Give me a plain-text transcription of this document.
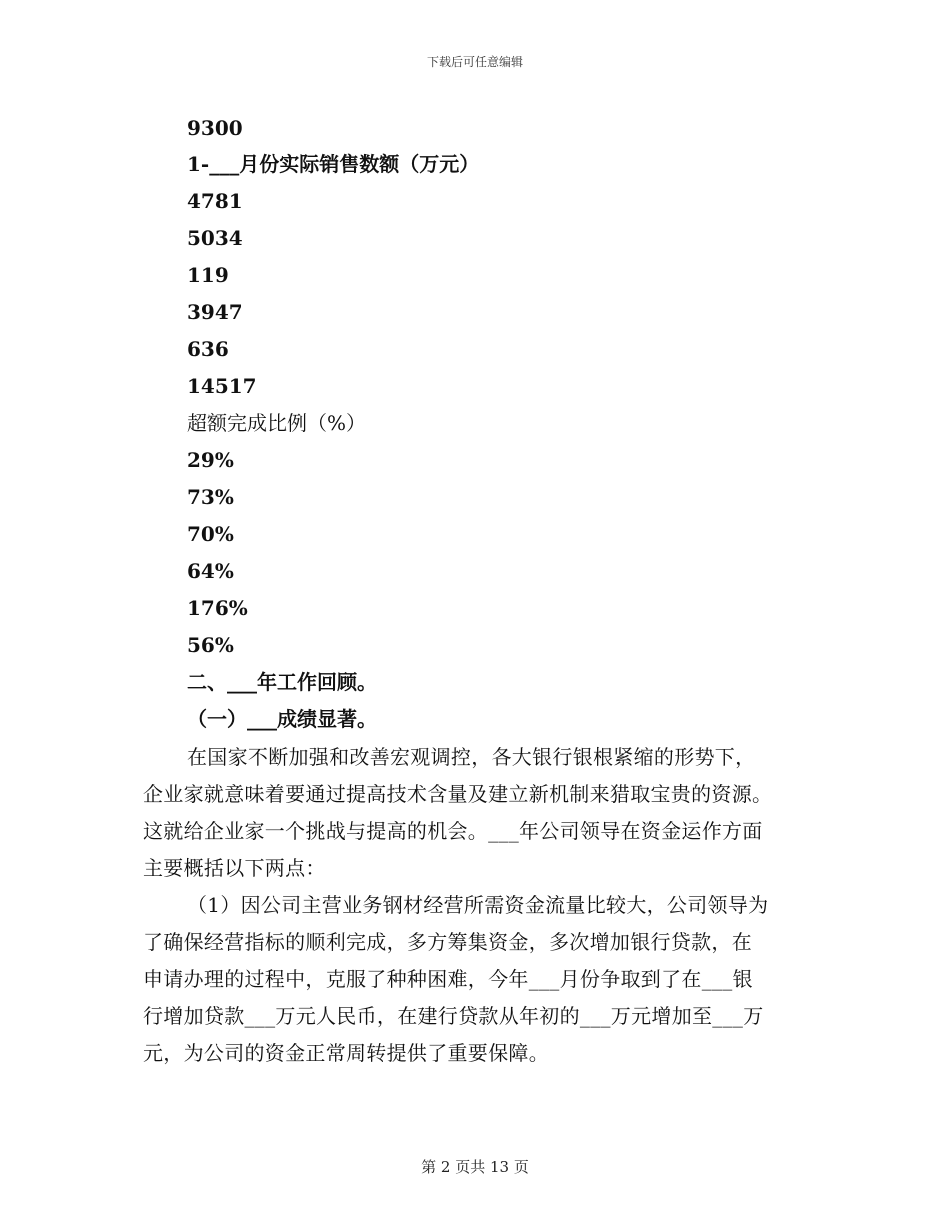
下载后可任意编辑
9300
1-___月份实际销售数额（万元）
4781
5034
119
3947
636
14517
超额完成比例（%）
29%
73%
70%
64%
176%
56%
二、___年工作回顾。
（一）___成绩显著。
在国家不断加强和改善宏观调控，各大银行银根紧缩的形势下，
企业家就意味着要通过提高技术含量及建立新机制来猎取宝贵的资源。
这就给企业家一个挑战与提高的机会。___年公司领导在资金运作方面
主要概括以下两点：
（1）因公司主营业务钢材经营所需资金流量比较大，公司领导为
了确保经营指标的顺利完成，多方筹集资金，多次增加银行贷款，在
申请办理的过程中，克服了种种困难，今年___月份争取到了在___银
行增加贷款___万元人民币，在建行贷款从年初的___万元增加至___万
元，为公司的资金正常周转提供了重要保障。
第 2 页共 13 页
